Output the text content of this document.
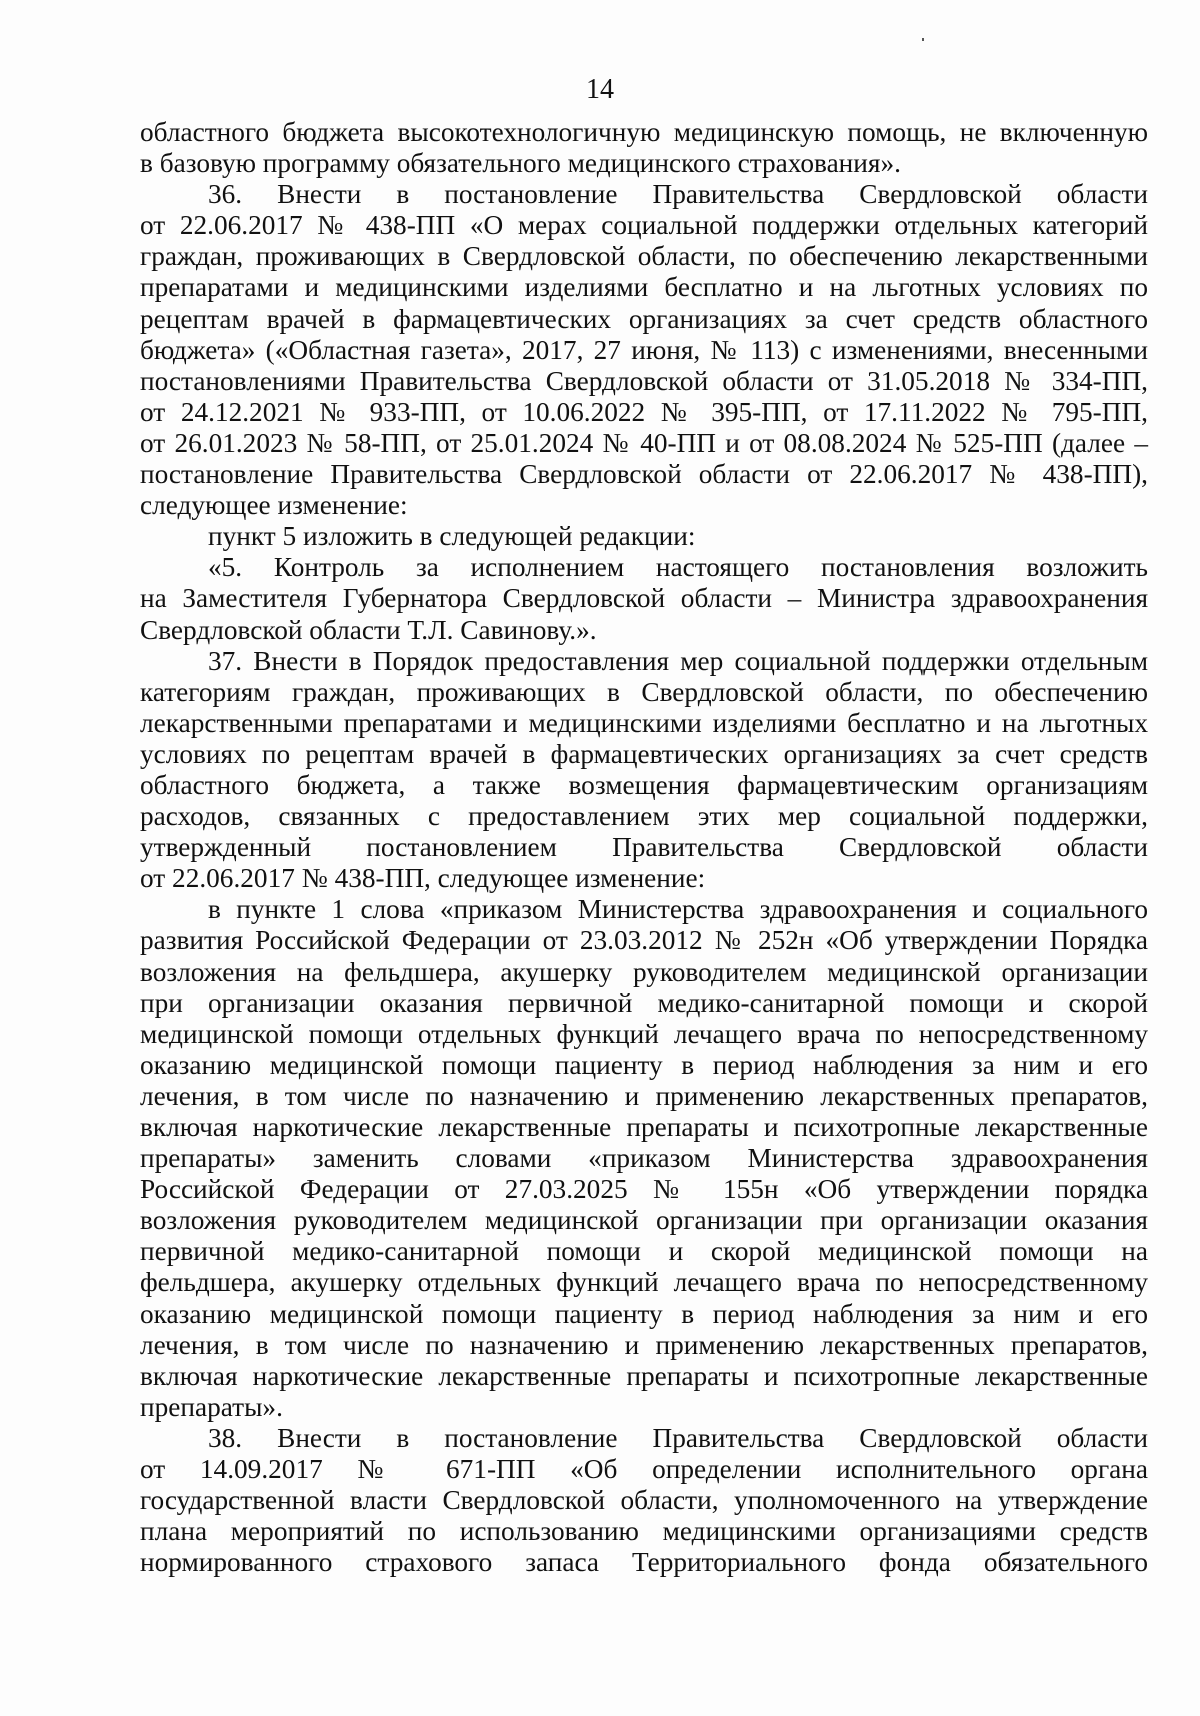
14
областного бюджета высокотехнологичную медицинскую помощь, не включенную
в базовую программу обязательного медицинского страхования».
36. Внести в постановление Правительства Свердловской области
от 22.06.2017 № 438-ПП «О мерах социальной поддержки отдельных категорий
граждан, проживающих в Свердловской области, по обеспечению лекарственными
препаратами и медицинскими изделиями бесплатно и на льготных условиях по
рецептам врачей в фармацевтических организациях за счет средств областного
бюджета» («Областная газета», 2017, 27 июня, № 113) с изменениями, внесенными
постановлениями Правительства Свердловской области от 31.05.2018 № 334-ПП,
от 24.12.2021 № 933-ПП, от 10.06.2022 № 395-ПП, от 17.11.2022 № 795-ПП,
от 26.01.2023 № 58-ПП, от 25.01.2024 № 40-ПП и от 08.08.2024 № 525-ПП (далее –
постановление Правительства Свердловской области от 22.06.2017 № 438-ПП),
следующее изменение:
пункт 5 изложить в следующей редакции:
«5. Контроль за исполнением настоящего постановления возложить
на Заместителя Губернатора Свердловской области – Министра здравоохранения
Свердловской области Т.Л. Савинову.».
37. Внести в Порядок предоставления мер социальной поддержки отдельным
категориям граждан, проживающих в Свердловской области, по обеспечению
лекарственными препаратами и медицинскими изделиями бесплатно и на льготных
условиях по рецептам врачей в фармацевтических организациях за счет средств
областного бюджета, а также возмещения фармацевтическим организациям
расходов, связанных с предоставлением этих мер социальной поддержки,
утвержденный постановлением Правительства Свердловской области
от 22.06.2017 № 438-ПП, следующее изменение:
в пункте 1 слова «приказом Министерства здравоохранения и социального
развития Российской Федерации от 23.03.2012 № 252н «Об утверждении Порядка
возложения на фельдшера, акушерку руководителем медицинской организации
при организации оказания первичной медико-санитарной помощи и скорой
медицинской помощи отдельных функций лечащего врача по непосредственному
оказанию медицинской помощи пациенту в период наблюдения за ним и его
лечения, в том числе по назначению и применению лекарственных препаратов,
включая наркотические лекарственные препараты и психотропные лекарственные
препараты» заменить словами «приказом Министерства здравоохранения
Российской Федерации от 27.03.2025 № 155н «Об утверждении порядка
возложения руководителем медицинской организации при организации оказания
первичной медико-санитарной помощи и скорой медицинской помощи на
фельдшера, акушерку отдельных функций лечащего врача по непосредственному
оказанию медицинской помощи пациенту в период наблюдения за ним и его
лечения, в том числе по назначению и применению лекарственных препаратов,
включая наркотические лекарственные препараты и психотропные лекарственные
препараты».
38. Внести в постановление Правительства Свердловской области
от 14.09.2017 № 671-ПП «Об определении исполнительного органа
государственной власти Свердловской области, уполномоченного на утверждение
плана мероприятий по использованию медицинскими организациями средств
нормированного страхового запаса Территориального фонда обязательного
